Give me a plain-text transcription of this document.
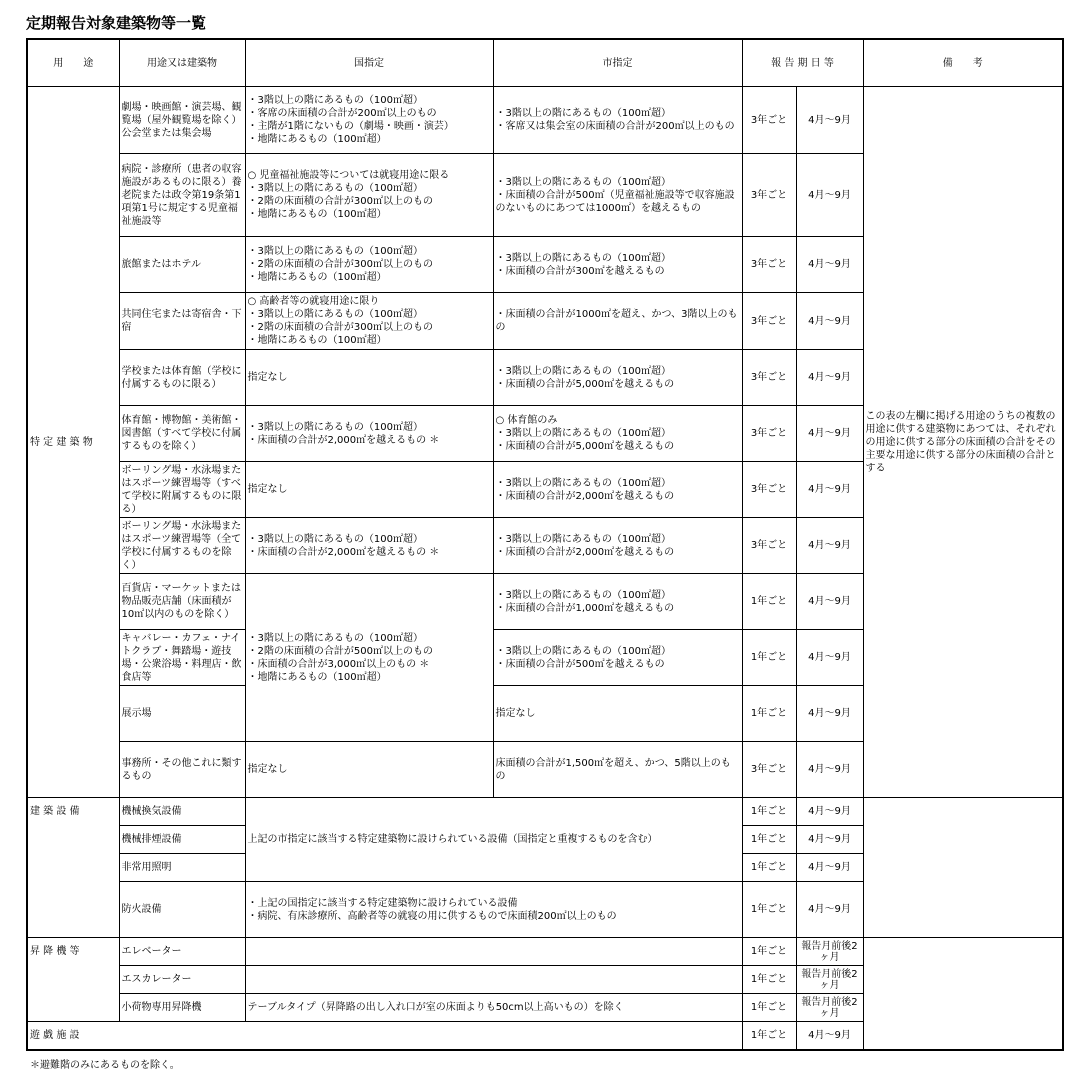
定期報告対象建築物等一覧
用　　途	用途又は建築物	国指定	市指定	報 告 期 日 等		備　　考
特 定 建 築 物	劇場・映画館・演芸場、観覧場（屋外観覧場を除く）公会堂または集会場	・3階以上の階にあるもの（100㎡超）
・客席の床面積の合計が200㎡以上のもの
・主階が1階にないもの（劇場・映画・演芸）
・地階にあるもの（100㎡超）	・3階以上の階にあるもの（100㎡超）
・客席又は集会室の床面積の合計が200㎡以上のもの	3年ごと	4月～9月	この表の左欄に掲げる用途のうちの複数の用途に供する建築物にあつては、それぞれの用途に供する部分の床面積の合計をその主要な用途に供する部分の床面積の合計とする
	病院・診療所（患者の収容施設があるものに限る）養老院または政令第19条第1項第1号に規定する児童福祉施設等	○ 児童福祉施設等については就寝用途に限る
・3階以上の階にあるもの（100㎡超）
・2階の床面積の合計が300㎡以上のもの
・地階にあるもの（100㎡超）	・3階以上の階にあるもの（100㎡超）
・床面積の合計が500㎡（児童福祉施設等で収容施設のないものにあつては1000㎡）を越えるもの	3年ごと	4月～9月	
	旅館またはホテル	・3階以上の階にあるもの（100㎡超）
・2階の床面積の合計が300㎡以上のもの
・地階にあるもの（100㎡超）	・3階以上の階にあるもの（100㎡超）
・床面積の合計が300㎡を越えるもの	3年ごと	4月～9月	
	共同住宅または寄宿舎・下宿	○ 高齢者等の就寝用途に限り
・3階以上の階にあるもの（100㎡超）
・2階の床面積の合計が300㎡以上のもの
・地階にあるもの（100㎡超）	・床面積の合計が1000㎡を超え、かつ、3階以上のもの	3年ごと	4月～9月	
	学校または体育館（学校に付属するものに限る）	指定なし	・3階以上の階にあるもの（100㎡超）
・床面積の合計が5,000㎡を越えるもの	3年ごと	4月～9月	
	体育館・博物館・美術館・図書館（すべて学校に付属するものを除く）	・3階以上の階にあるもの（100㎡超）
・床面積の合計が2,000㎡を越えるもの ＊	○ 体育館のみ
・3階以上の階にあるもの（100㎡超）
・床面積の合計が5,000㎡を越えるもの	3年ごと	4月～9月	
	ボーリング場・水泳場またはスポーツ練習場等（すべて学校に附属するものに限る）	指定なし	・3階以上の階にあるもの（100㎡超）
・床面積の合計が2,000㎡を越えるもの	3年ごと	4月～9月	
	ボーリング場・水泳場またはスポーツ練習場等（全て学校に付属するものを除く）	・3階以上の階にあるもの（100㎡超）
・床面積の合計が2,000㎡を越えるもの ＊	・3階以上の階にあるもの（100㎡超）
・床面積の合計が2,000㎡を越えるもの	3年ごと	4月～9月	
	百貨店・マーケットまたは物品販売店舗（床面積が10㎡以内のものを除く）	・3階以上の階にあるもの（100㎡超）
・2階の床面積の合計が500㎡以上のもの
・床面積の合計が3,000㎡以上のもの ＊
・地階にあるもの（100㎡超）	・3階以上の階にあるもの（100㎡超）
・床面積の合計が1,000㎡を越えるもの	1年ごと	4月～9月	
	キャバレー・カフェ・ナイトクラブ・舞踏場・遊技場・公衆浴場・料理店・飲食店等		・3階以上の階にあるもの（100㎡超）
・床面積の合計が500㎡を越えるもの	1年ごと	4月～9月	
	展示場		指定なし	1年ごと	4月～9月	
	事務所・その他これに類するもの	指定なし	床面積の合計が1,500㎡を超え、かつ、5階以上のもの	3年ごと	4月～9月	
建 築 設 備	機械換気設備	上記の市指定に該当する特定建築物に設けられている設備（国指定と重複するものを含む）		1年ごと	4月～9月	
	機械排煙設備			1年ごと	4月～9月	
	非常用照明			1年ごと	4月～9月	
	防火設備	・上記の国指定に該当する特定建築物に設けられている設備
・病院、有床診療所、高齢者等の就寝の用に供するもので床面積200㎡以上のもの		1年ごと	4月～9月	
昇 降 機 等	エレベーター			1年ごと	報告月前後2ヶ月	
	エスカレーター			1年ごと	報告月前後2ヶ月	
	小荷物専用昇降機	テーブルタイプ（昇降路の出し入れ口が室の床面よりも50cm以上高いもの）を除く		1年ごと	報告月前後2ヶ月	
遊 戯 施 設				1年ごと	4月～9月	
＊避難階のみにあるものを除く。
